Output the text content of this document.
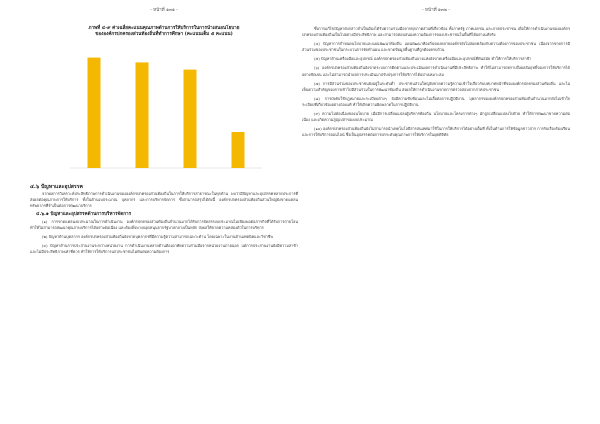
- หน้าที่ ๑๓๑ -
ภาพที่ ๔-๙ ค่าเฉลี่ยคะแนนคุณภาพด้านการให้บริการในการนำเสนอนโยบาย
ขององค์กรปกครองส่วนท้องถิ่นที่ทำการศึกษา (คะแนนเต็ม ๕ คะแนน)
๔.๖ ปัญหาและอุปสรรค

จากผลการวิเคราะห์ประสิทธิภาพการดำเนินงานขององค์กรปกครองส่วนท้องถิ่นในการให้บริการสาธารณะในทุกด้าน พบว่ามีปัญหาและอุปสรรคหลายประการที่ส่งผลต่อคุณภาพการให้บริการ ทั้งในด้านงบประมาณ บุคลากร และการบริหารจัดการ ซึ่งสามารถสรุปได้ดังนี้ องค์กรปกครองส่วนท้องถิ่นส่วนใหญ่ยังขาดแคลนทรัพยากรที่จำเป็นต่อการพัฒนาบริการ

๔.๖.๑ ปัญหาและอุปสรรคด้านการบริหารจัดการ

(๑) การขาดแคลนงบประมาณในการดำเนินงาน องค์กรปกครองส่วนท้องถิ่นจำนวนมากได้รับการจัดสรรงบประมาณไม่เพียงพอต่อภารกิจที่ได้รับการถ่ายโอน ทำให้ไม่สามารถพัฒนาคุณภาพบริการได้อย่างต่อเนื่อง และต้องพึ่งพางบอุดหนุนจากรัฐบาลกลางเป็นหลัก ส่งผลให้ขาดความคล่องตัวในการบริหาร

(๒) ปัญหาด้านบุคลากร องค์กรปกครองส่วนท้องถิ่นยังขาดบุคลากรที่มีความรู้ความสามารถเฉพาะด้าน โดยเฉพาะในงานด้านเทคนิคและวิชาชีพ

(๓) ปัญหาด้านการประสานงานระหว่างหน่วยงาน การดำเนินงานหลายด้านต้องอาศัยความร่วมมือจากหน่วยงานภายนอก แต่การประสานงานยังมีความล่าช้าและไม่มีประสิทธิภาพเท่าที่ควร ทำให้การให้บริการแก่ประชาชนไม่ทันต่อความต้องการ

- หน้าที่ ๑๓๒ -

ซึ่งการแก้ไขปัญหาดังกล่าวจำเป็นต้องได้รับความร่วมมือจากทุกภาคส่วนที่เกี่ยวข้อง ทั้งภาครัฐ ภาคเอกชน และภาคประชาชน เพื่อให้การดำเนินงานขององค์กรปกครองส่วนท้องถิ่นเป็นไปอย่างมีประสิทธิภาพ และสามารถตอบสนองความต้องการของประชาชนในพื้นที่ได้อย่างแท้จริง

(๔) ปัญหาการกำหนดนโยบายและแผนพัฒนาท้องถิ่น แผนพัฒนาท้องถิ่นของหลายองค์กรยังไม่สอดคล้องกับความต้องการของประชาชน เนื่องจากขาดการมีส่วนร่วมของประชาชนในกระบวนการจัดทำแผน และขาดข้อมูลพื้นฐานที่ถูกต้องครบถ้วน

(๕) ปัญหาด้านเครื่องมือและอุปกรณ์ องค์กรปกครองส่วนท้องถิ่นบางแห่งยังขาดเครื่องมือและอุปกรณ์ที่ทันสมัย ทำให้การให้บริการล่าช้า

(๖) องค์กรปกครองส่วนท้องถิ่นยังขาดระบบการติดตามและประเมินผลการดำเนินงานที่มีประสิทธิภาพ ทำให้ไม่สามารถทราบถึงผลสัมฤทธิ์ของการให้บริการได้อย่างชัดเจน และไม่สามารถนำผลการประเมินมาปรับปรุงการให้บริการได้อย่างเหมาะสม

(๗) การมีส่วนร่วมของประชาชนยังอยู่ในระดับต่ำ ประชาชนส่วนใหญ่ยังขาดความรู้ความเข้าใจเกี่ยวกับบทบาทหน้าที่ขององค์กรปกครองส่วนท้องถิ่น และไม่เห็นความสำคัญของการเข้าไปมีส่วนร่วมในการพัฒนาท้องถิ่น ส่งผลให้การดำเนินงานขาดการตรวจสอบจากภาคประชาชน

(๘) การบังคับใช้กฎหมายและระเบียบต่างๆ ยังมีความซับซ้อนและไม่เอื้อต่อการปฏิบัติงาน บุคลากรขององค์กรปกครองส่วนท้องถิ่นจำนวนมากยังไม่เข้าใจระเบียบที่เกี่ยวข้องอย่างถ่องแท้ ทำให้เกิดความผิดพลาดในการปฏิบัติงาน

(๙) ความไม่ต่อเนื่องของนโยบาย เมื่อมีการเปลี่ยนแปลงผู้บริหารท้องถิ่น นโยบายและโครงการต่างๆ มักถูกเปลี่ยนแปลงไปด้วย ทำให้การพัฒนาขาดความต่อเนื่อง และเกิดความสูญเปล่าของงบประมาณ

(๑๐) องค์กรปกครองส่วนท้องถิ่นยังไม่สามารถนำเทคโนโลยีสารสนเทศมาใช้ในการให้บริการได้อย่างเต็มที่ ทั้งในด้านการให้ข้อมูลข่าวสาร การรับเรื่องร้องเรียน และการให้บริการออนไลน์ ซึ่งเป็นอุปสรรคต่อการยกระดับคุณภาพการให้บริการในยุคดิจิทัล
